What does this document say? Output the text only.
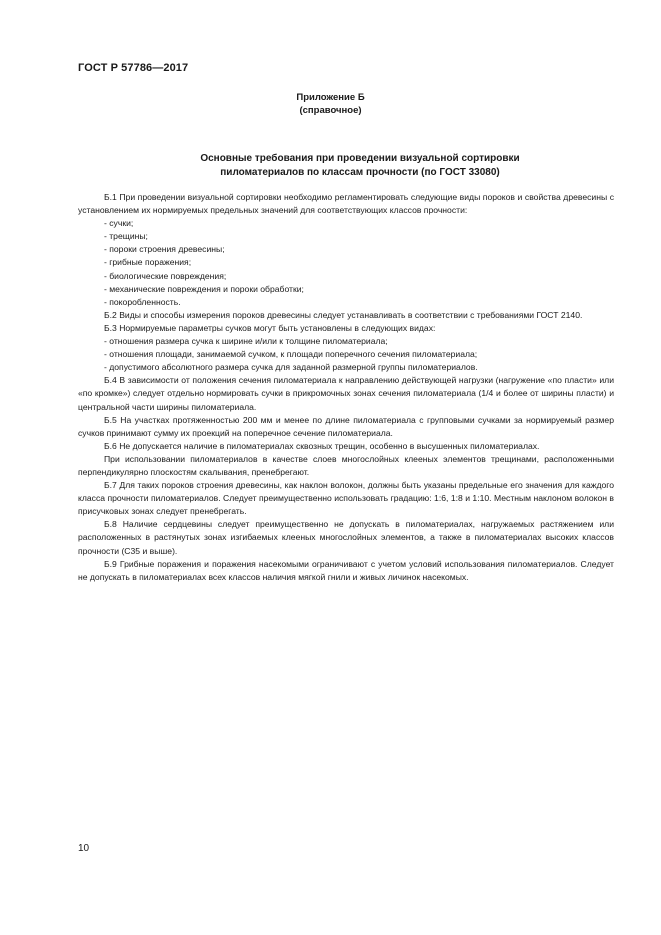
ГОСТ Р 57786—2017
Приложение Б
(справочное)
Основные требования при проведении визуальной сортировки
пиломатериалов по классам прочности (по ГОСТ 33080)

Б.1 При проведении визуальной сортировки необходимо регламентировать следующие виды пороков и свойства древесины с установлением их нормируемых предельных значений для соответствующих классов прочности:

- сучки;

- трещины;

- пороки строения древесины;

- грибные поражения;

- биологические повреждения;

- механические повреждения и пороки обработки;

- покоробленность.

Б.2 Виды и способы измерения пороков древесины следует устанавливать в соответствии с требованиями ГОСТ 2140.

Б.3 Нормируемые параметры сучков могут быть установлены в следующих видах:

- отношения размера сучка к ширине и/или к толщине пиломатериала;

- отношения площади, занимаемой сучком, к площади поперечного сечения пиломатериала;

- допустимого абсолютного размера сучка для заданной размерной группы пиломатериалов.

Б.4 В зависимости от положения сечения пиломатериала к направлению действующей нагрузки (нагружение «по пласти» или «по кромке») следует отдельно нормировать сучки в прикромочных зонах сечения пиломатериала (1/4 и более от ширины пласти) и центральной части ширины пиломатериала.

Б.5 На участках протяженностью 200 мм и менее по длине пиломатериала с групповыми сучками за нормируемый размер сучков принимают сумму их проекций на поперечное сечение пиломатериала.

Б.6 Не допускается наличие в пиломатериалах сквозных трещин, особенно в высушенных пиломатериалах.

При использовании пиломатериалов в качестве слоев многослойных клееных элементов трещинами, расположенными перпендикулярно плоскостям скалывания, пренебрегают.

Б.7 Для таких пороков строения древесины, как наклон волокон, должны быть указаны предельные его значения для каждого класса прочности пиломатериалов. Следует преимущественно использовать градацию: 1:6, 1:8 и 1:10. Местным наклоном волокон в присучковых зонах следует пренебрегать.

Б.8 Наличие сердцевины следует преимущественно не допускать в пиломатериалах, нагружаемых растяжением или расположенных в растянутых зонах изгибаемых клееных многослойных элементов, а также в пиломатериалах высоких классов прочности (С35 и выше).

Б.9 Грибные поражения и поражения насекомыми ограничивают с учетом условий использования пиломатериалов. Следует не допускать в пиломатериалах всех классов наличия мягкой гнили и живых личинок насекомых.

10
